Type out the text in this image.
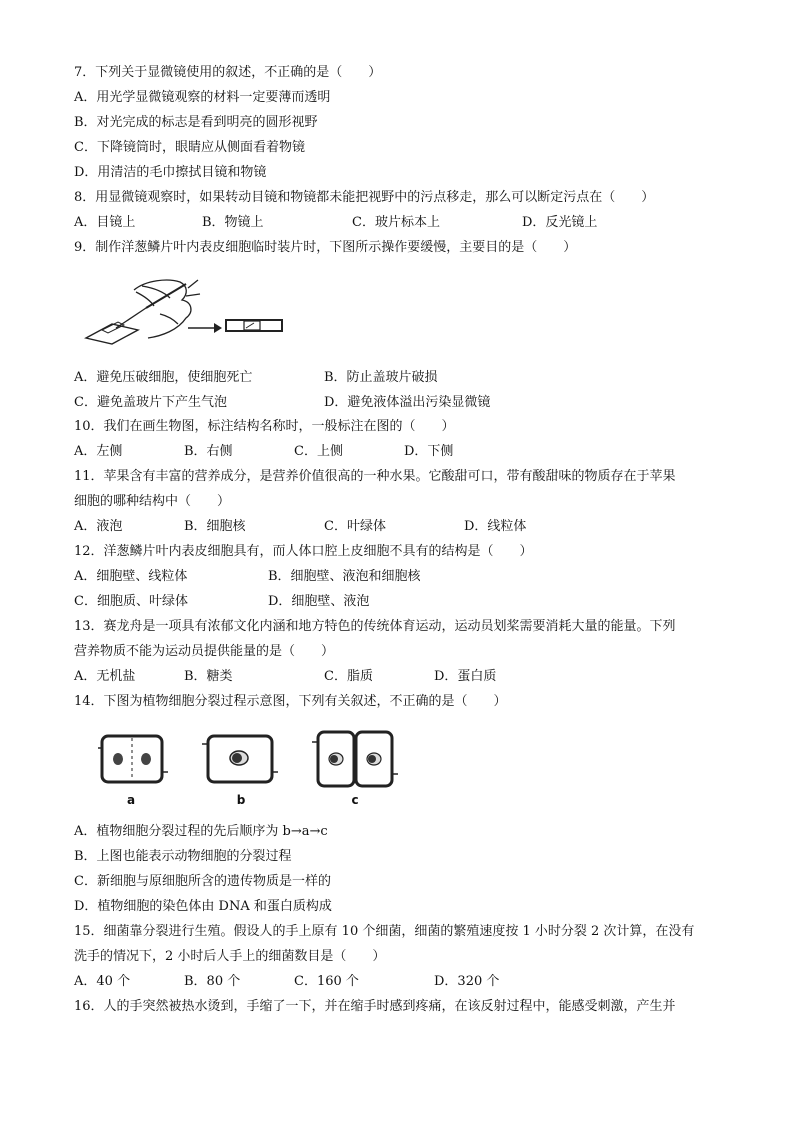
7．下列关于显微镜使用的叙述，不正确的是（　　）
A．用光学显微镜观察的材料一定要薄而透明
B．对光完成的标志是看到明亮的圆形视野
C．下降镜筒时，眼睛应从侧面看着物镜
D．用清洁的毛巾擦拭目镜和物镜
8．用显微镜观察时，如果转动目镜和物镜都未能把视野中的污点移走，那么可以断定污点在（　　）
A．目镜上	B．物镜上	C．玻片标本上	D．反光镜上
9．制作洋葱鳞片叶内表皮细胞临时装片时，下图所示操作要缓慢，主要目的是（　　）
A．避免压破细胞，使细胞死亡	B．防止盖玻片破损
C．避免盖玻片下产生气泡	D．避免液体溢出污染显微镜
10．我们在画生物图，标注结构名称时，一般标注在图的（　　）
A．左侧	B．右侧	C．上侧	D．下侧
11．苹果含有丰富的营养成分，是营养价值很高的一种水果。它酸甜可口，带有酸甜味的物质存在于苹果
细胞的哪种结构中（　　）
A．液泡	B．细胞核	C．叶绿体	D．线粒体
12．洋葱鳞片叶内表皮细胞具有，而人体口腔上皮细胞不具有的结构是（　　）
A．细胞壁、线粒体	B．细胞壁、液泡和细胞核
C．细胞质、叶绿体	D．细胞壁、液泡
13．赛龙舟是一项具有浓郁文化内涵和地方特色的传统体育运动，运动员划桨需要消耗大量的能量。下列
营养物质不能为运动员提供能量的是（　　）
A．无机盐	B．糖类	C．脂质	D．蛋白质
14．下图为植物细胞分裂过程示意图，下列有关叙述，不正确的是（　　）
a	b	c
A．植物细胞分裂过程的先后顺序为 b→a→c
B．上图也能表示动物细胞的分裂过程
C．新细胞与原细胞所含的遗传物质是一样的
D．植物细胞的染色体由 DNA 和蛋白质构成
15．细菌靠分裂进行生殖。假设人的手上原有 10 个细菌，细菌的繁殖速度按 1 小时分裂 2 次计算，在没有
洗手的情况下，2 小时后人手上的细菌数目是（　　）
A．40 个	B．80 个	C．160 个	D．320 个
16．人的手突然被热水烫到，手缩了一下，并在缩手时感到疼痛，在该反射过程中，能感受刺激，产生并
